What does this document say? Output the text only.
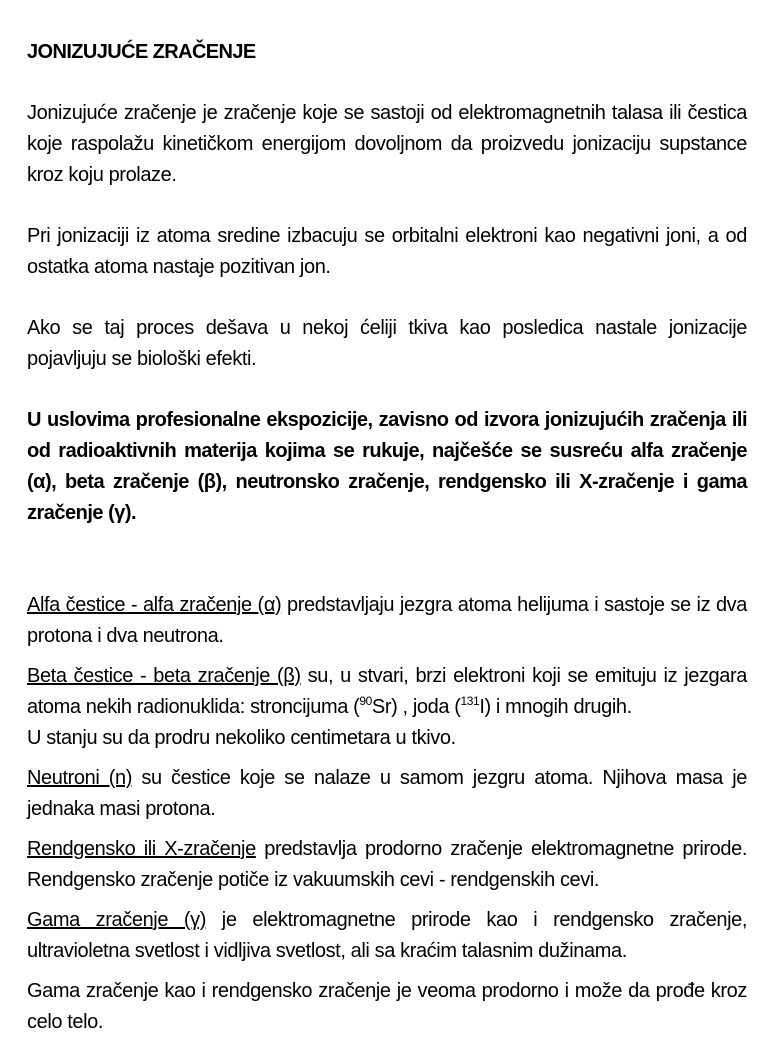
JONIZUJUĆE ZRAČENJE

Jonizujuće zračenje je zračenje koje se sastoji od elektromagnetnih talasa ili čestica koje raspolažu kinetičkom energijom dovoljnom da proizvedu jonizaciju supstance kroz koju prolaze.

Pri jonizaciji iz atoma sredine izbacuju se orbitalni elektroni kao negativni joni, a od ostatka atoma nastaje pozitivan jon.

Ako se taj proces dešava u nekoj ćeliji tkiva kao posledica nastale jonizacije pojavljuju se biološki efekti.

U uslovima profesionalne ekspozicije, zavisno od izvora jonizujućih zračenja ili od radioaktivnih materija kojima se rukuje, najčešće se susreću alfa zračenje (α), beta zračenje (β), neutronsko zračenje, rendgensko ili X-zračenje i gama zračenje (γ).

Alfa čestice - alfa zračenje (α) predstavljaju jezgra atoma helijuma i sastoje se iz dva protona i dva neutrona.

Beta čestice - beta zračenje (β) su, u stvari, brzi elektroni koji se emituju iz jezgara atoma nekih radionuklida: stroncijuma ($^{90}$Sr) , joda ($^{131}$I) i mnogih drugih.
U stanju su da prodru nekoliko centimetara u tkivo.

Neutroni (n) su čestice koje se nalaze u samom jezgru atoma. Njihova masa je jednaka masi protona.

Rendgensko ili X-zračenje predstavlja prodorno zračenje elektromagnetne prirode. Rendgensko zračenje potiče iz vakuumskih cevi - rendgenskih cevi.

Gama zračenje (γ) je elektromagnetne prirode kao i rendgensko zračenje, ultravioletna svetlost i vidljiva svetlost, ali sa kraćim talasnim dužinama.

Gama zračenje kao i rendgensko zračenje je veoma prodorno i može da prođe kroz celo telo.
